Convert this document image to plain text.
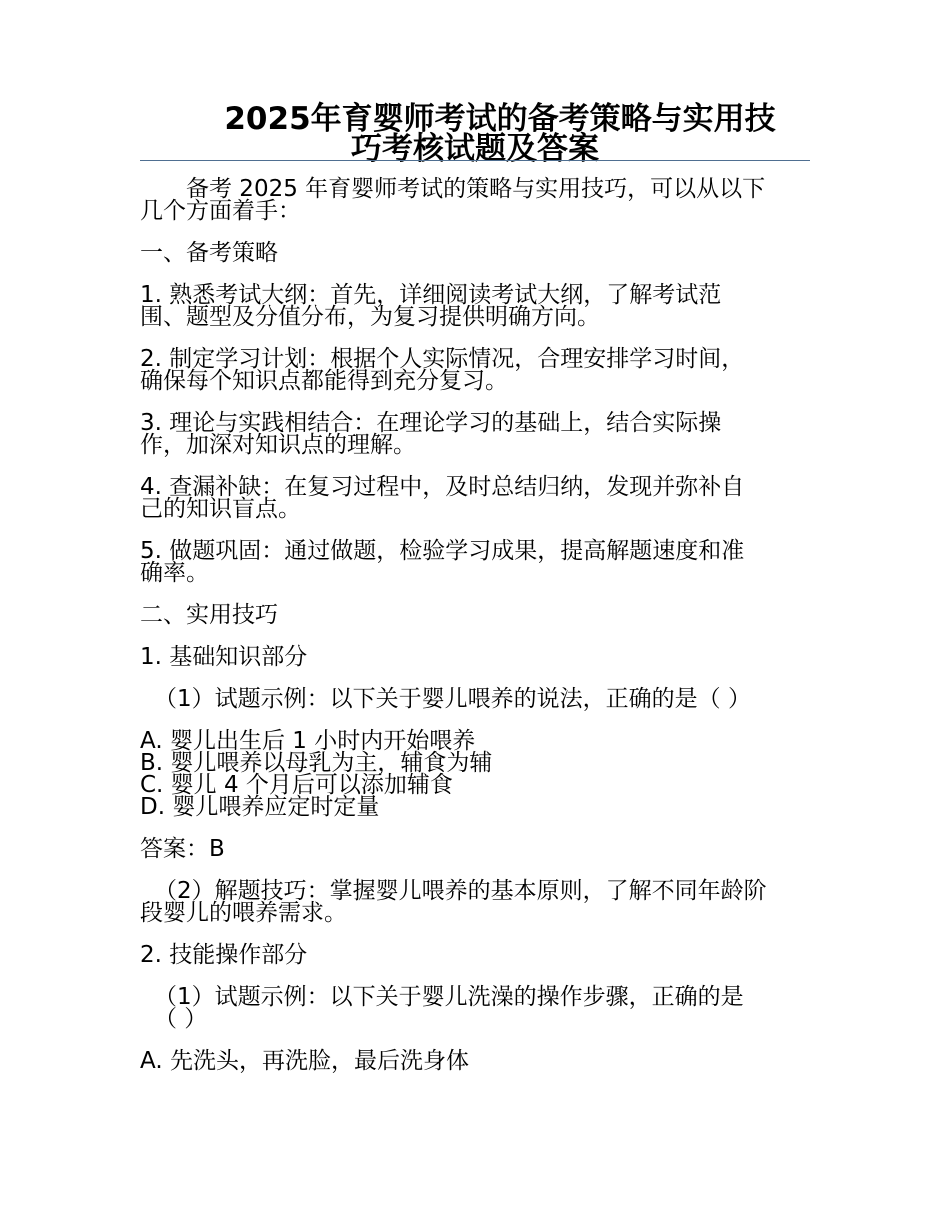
2025年育婴师考试的备考策略与实用技
巧考核试题及答案

备考 2025 年育婴师考试的策略与实用技巧，可以从以下
几个方面着手：

一、备考策略

1. 熟悉考试大纲：首先，详细阅读考试大纲，了解考试范
围、题型及分值分布，为复习提供明确方向。

2. 制定学习计划：根据个人实际情况，合理安排学习时间，
确保每个知识点都能得到充分复习。

3. 理论与实践相结合：在理论学习的基础上，结合实际操
作，加深对知识点的理解。

4. 查漏补缺：在复习过程中，及时总结归纳，发现并弥补自
己的知识盲点。

5. 做题巩固：通过做题，检验学习成果，提高解题速度和准
确率。

二、实用技巧

1. 基础知识部分

（1）试题示例：以下关于婴儿喂养的说法，正确的是（ ）

A. 婴儿出生后 1 小时内开始喂养
B. 婴儿喂养以母乳为主，辅食为辅
C. 婴儿 4 个月后可以添加辅食
D. 婴儿喂养应定时定量

答案：B

（2）解题技巧：掌握婴儿喂养的基本原则，了解不同年龄阶
段婴儿的喂养需求。

2. 技能操作部分

（1）试题示例：以下关于婴儿洗澡的操作步骤，正确的是
（ ）

A. 先洗头，再洗脸，最后洗身体
